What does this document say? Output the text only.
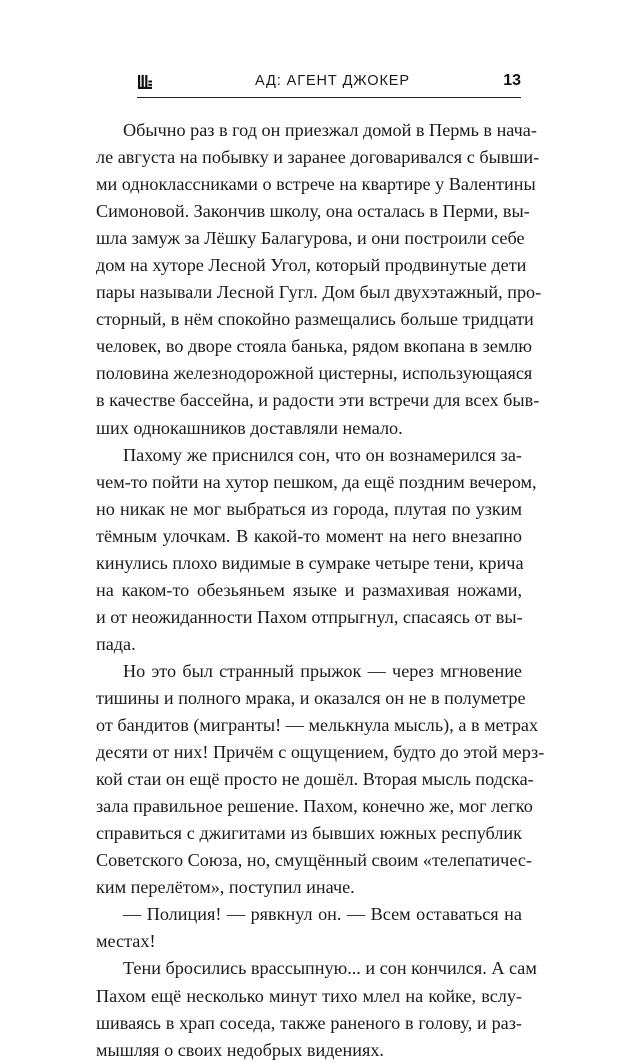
АД: АГЕНТ ДЖОКЕР	13
Обычно раз в год он приезжал домой в Пермь в нача-
ле августа на побывку и заранее договаривался с бывши-
ми одноклассниками о встрече на квартире у Валентины
Симоновой. Закончив школу, она осталась в Перми, вы-
шла замуж за Лёшку Балагурова, и они построили себе
дом на хуторе Лесной Угол, который продвинутые дети
пары называли Лесной Гугл. Дом был двухэтажный, про-
сторный, в нём спокойно размещались больше тридцати
человек, во дворе стояла банька, рядом вкопана в землю
половина железнодорожной цистерны, использующаяся
в качестве бассейна, и радости эти встречи для всех быв-
ших однокашников доставляли немало.
Пахому же приснился сон, что он вознамерился за-
чем-то пойти на хутор пешком, да ещё поздним вечером,
но никак не мог выбраться из города, плутая по узким
тёмным улочкам. В какой-то момент на него внезапно
кинулись плохо видимые в сумраке четыре тени, крича
на каком-то обезьяньем языке и размахивая ножами,
и от неожиданности Пахом отпрыгнул, спасаясь от вы-
пада.
Но это был странный прыжок — через мгновение
тишины и полного мрака, и оказался он не в полуметре
от бандитов (мигранты! — мелькнула мысль), а в метрах
десяти от них! Причём с ощущением, будто до этой мерз-
кой стаи он ещё просто не дошёл. Вторая мысль подска-
зала правильное решение. Пахом, конечно же, мог легко
справиться с джигитами из бывших южных республик
Советского Союза, но, смущённый своим «телепатичес-
ким перелётом», поступил иначе.
— Полиция! — рявкнул он. — Всем оставаться на
местах!
Тени бросились врассыпную... и сон кончился. А сам
Пахом ещё несколько минут тихо млел на койке, вслу-
шиваясь в храп соседа, также раненого в голову, и раз-
мышляя о своих недобрых видениях.
